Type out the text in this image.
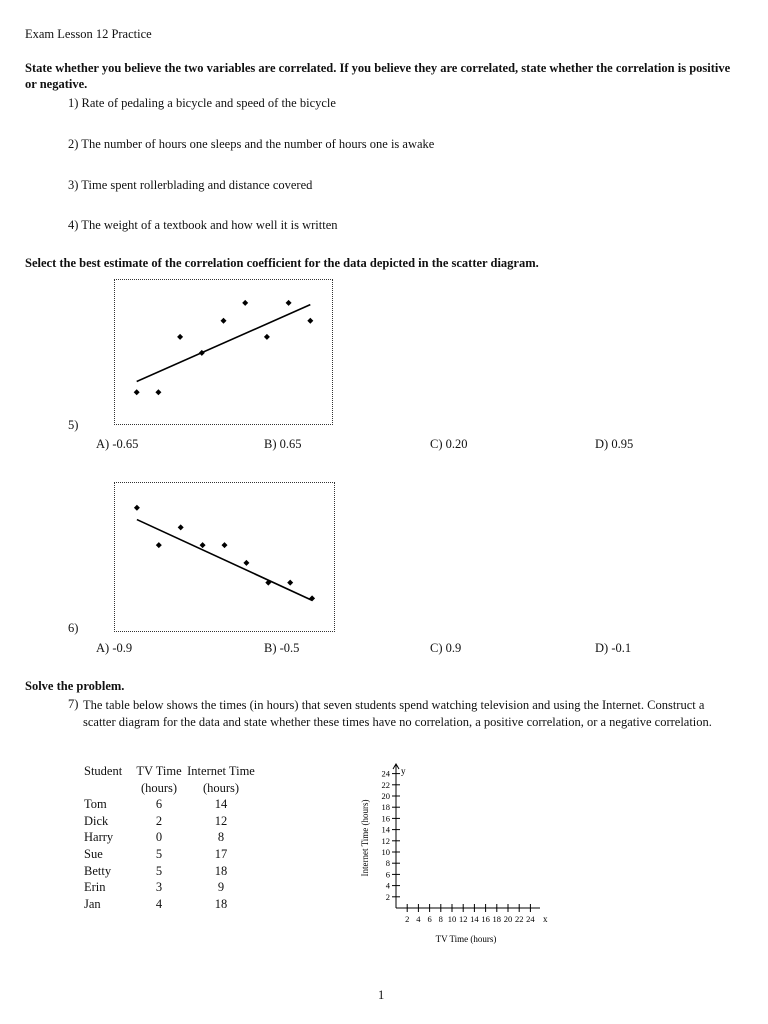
Exam Lesson 12 Practice
State whether you believe the two variables are correlated. If you believe they are correlated, state whether the correlation is positive or negative.
1) Rate of pedaling a bicycle and speed of the bicycle
2) The number of hours one sleeps and the number of hours one is awake
3) Time spent rollerblading and distance covered
4) The weight of a textbook and how well it is written
Select the best estimate of the correlation coefficient for the data depicted in the scatter diagram.
5)
A) -0.65	B) 0.65	C) 0.20	D) 0.95
6)
A) -0.9	B) -0.5	C) 0.9	D) -0.1
Solve the problem.
7) The table below shows the times (in hours) that seven students spend watching television and using the Internet. Construct a scatter diagram for the data and state whether these times have no correlation, a positive correlation, or a negative correlation.
Student	TV Time	Internet Time
	(hours)	(hours)
Tom	6	14
Dick	2	12
Harry	0	8
Sue	5	17
Betty	5	18
Erin	3	9
Jan	4	18
2 4 6 8 10 12 14 16 18 20 22 24
2
4
6
8
10
12
14
16
18
20
22
24
x
y
TV Time (hours)
Internet Time (hours)
1
